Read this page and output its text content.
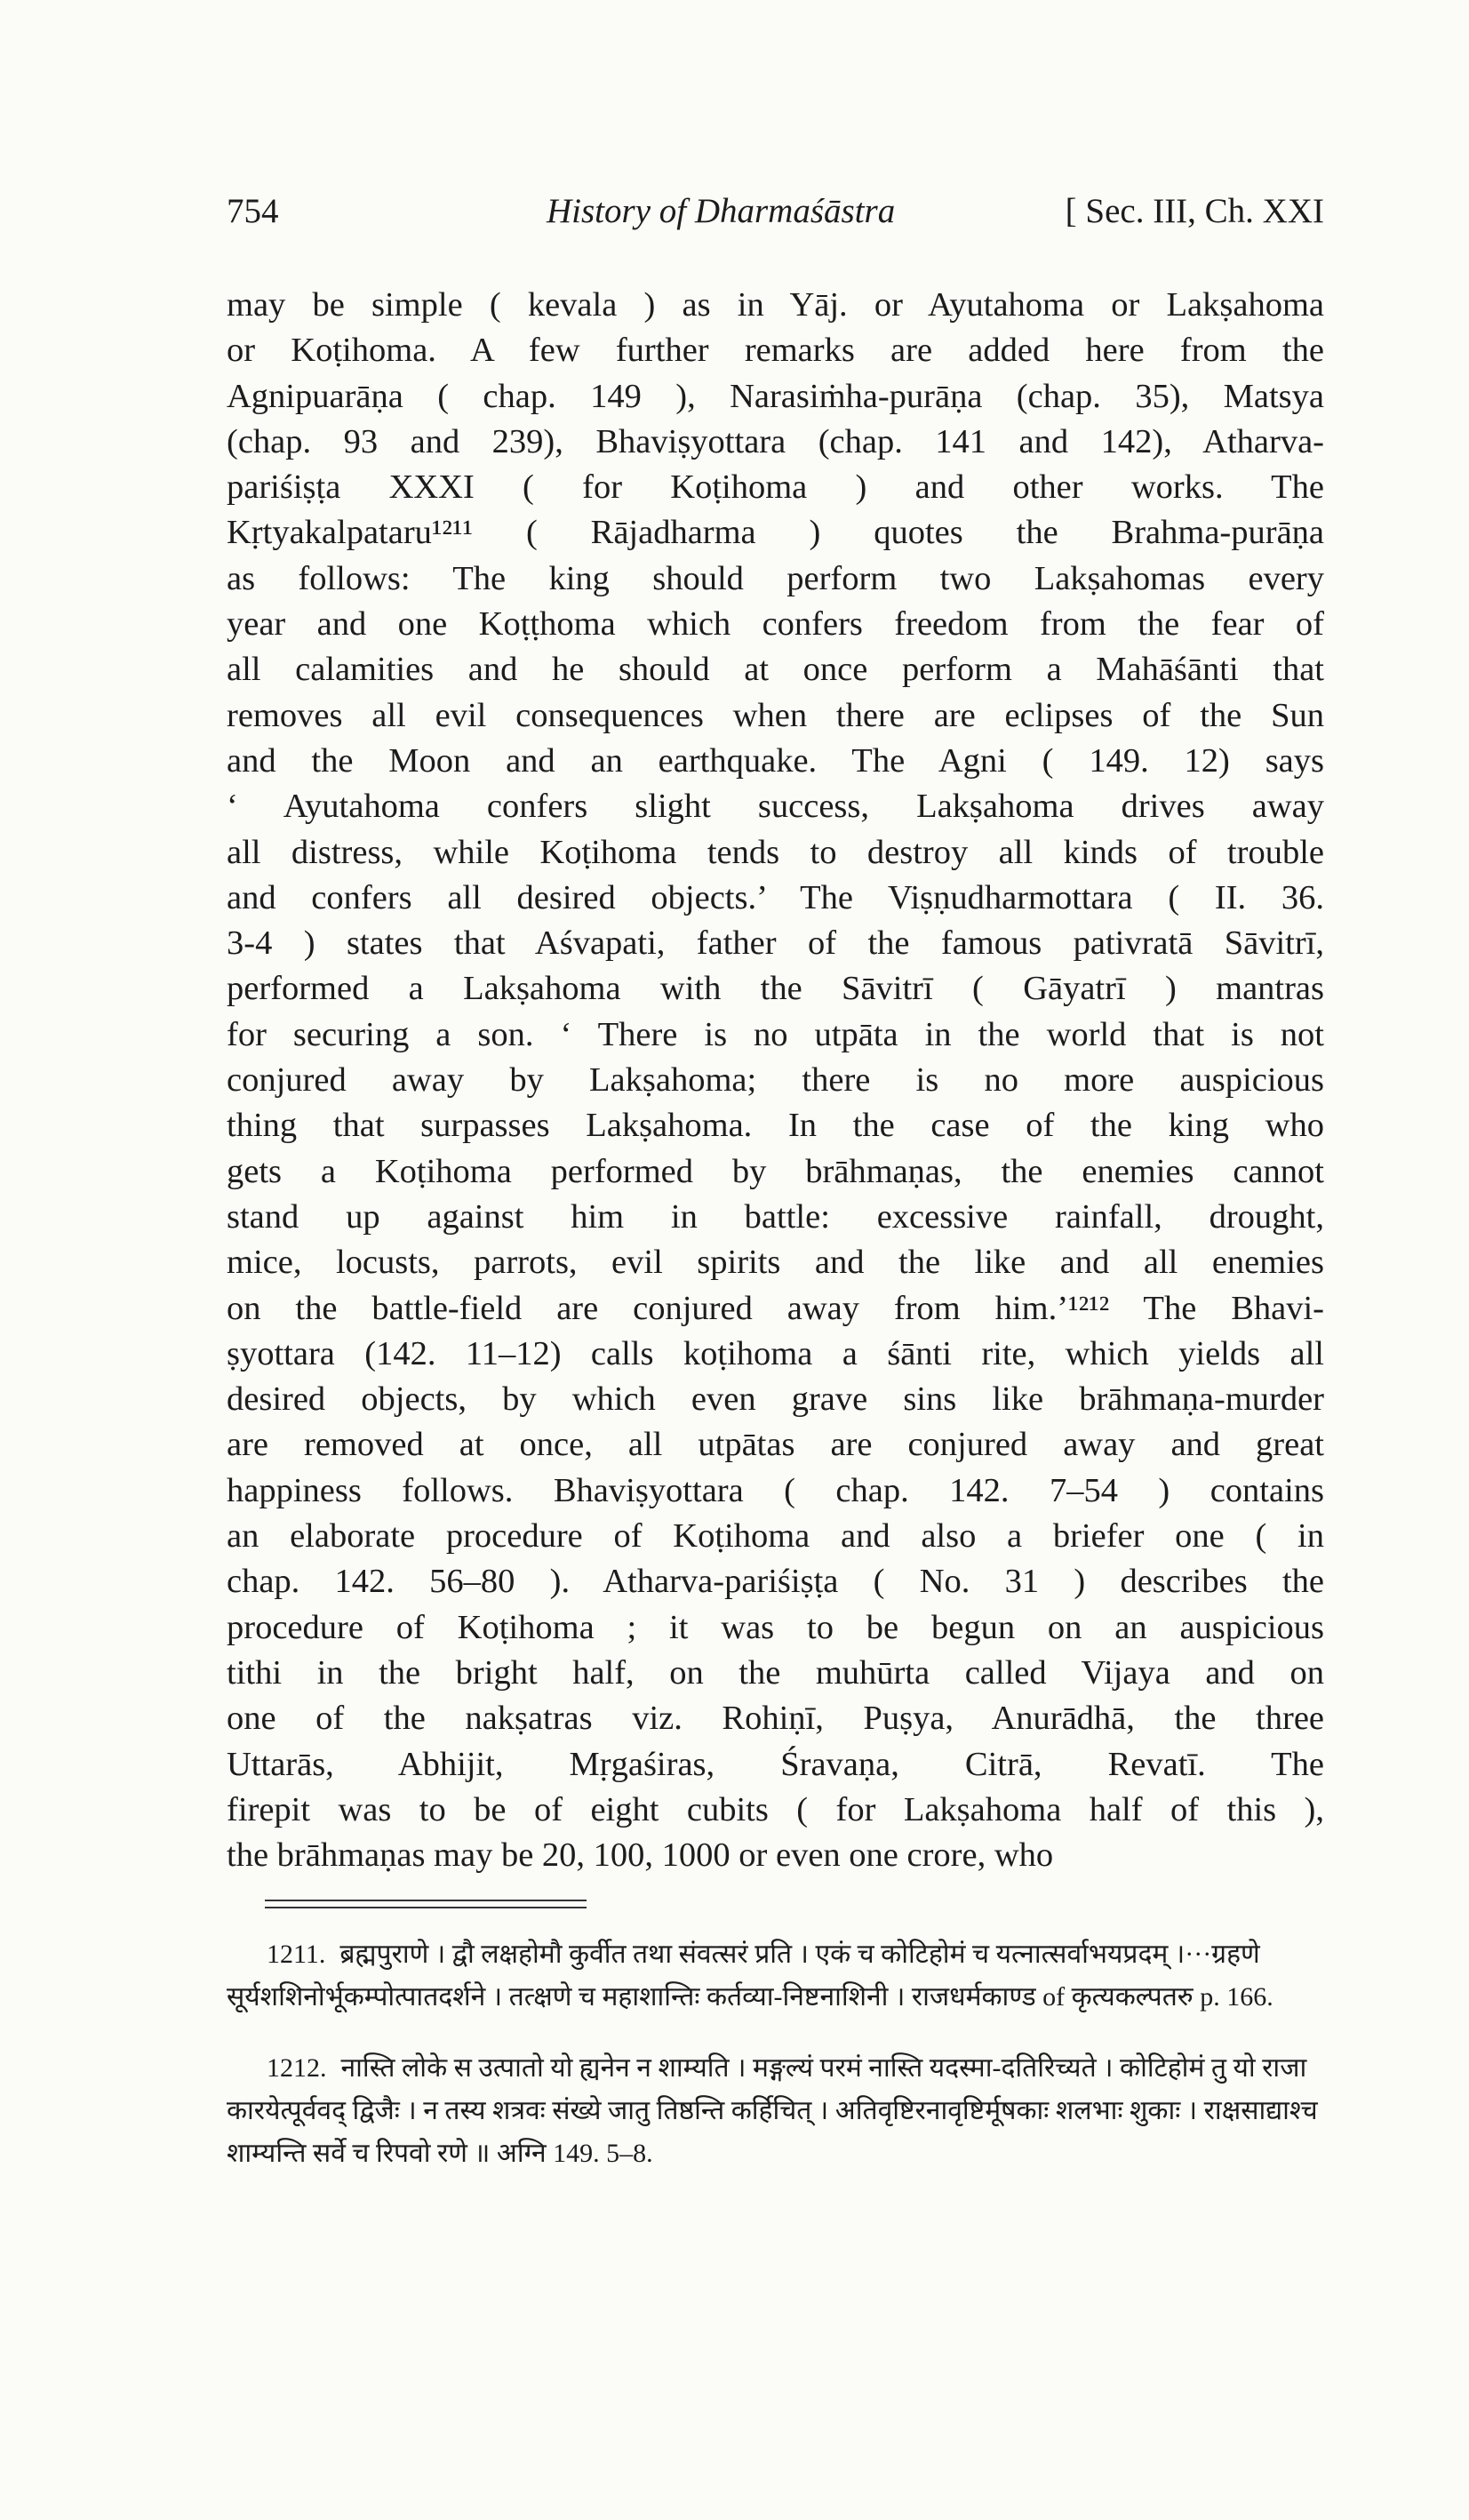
754	History of Dharmaśāstra	[ Sec. III, Ch. XXI
may be simple ( kevala ) as in Yāj. or Ayutahoma or Lakṣahoma
or Koṭihoma. A few further remarks are added here from the
Agnipuarāṇa ( chap. 149 ), Narasiṁha-purāṇa (chap. 35), Matsya
(chap. 93 and 239), Bhaviṣyottara (chap. 141 and 142), Atharva-
pariśiṣṭa XXXI ( for Koṭihoma ) and other works. The
Kṛtyakalpataru¹²¹¹ ( Rājadharma ) quotes the Brahma-purāṇa
as follows: The king should perform two Lakṣahomas every
year and one Koṭṭhoma which confers freedom from the fear of
all calamities and he should at once perform a Mahāśānti that
removes all evil consequences when there are eclipses of the Sun
and the Moon and an earthquake. The Agni ( 149. 12) says
‘ Ayutahoma confers slight success, Lakṣahoma drives away
all distress, while Koṭihoma tends to destroy all kinds of trouble
and confers all desired objects.’ The Viṣṇudharmottara ( II. 36.
3-4 ) states that Aśvapati, father of the famous pativratā Sāvitrī,
performed a Lakṣahoma with the Sāvitrī ( Gāyatrī ) mantras
for securing a son. ‘ There is no utpāta in the world that is not
conjured away by Lakṣahoma; there is no more auspicious
thing that surpasses Lakṣahoma. In the case of the king who
gets a Koṭihoma performed by brāhmaṇas, the enemies cannot
stand up against him in battle: excessive rainfall, drought,
mice, locusts, parrots, evil spirits and the like and all enemies
on the battle-field are conjured away from him.’¹²¹² The Bhavi-
ṣyottara (142. 11–12) calls koṭihoma a śānti rite, which yields all
desired objects, by which even grave sins like brāhmaṇa-murder
are removed at once, all utpātas are conjured away and great
happiness follows. Bhaviṣyottara ( chap. 142. 7–54 ) contains
an elaborate procedure of Koṭihoma and also a briefer one ( in
chap. 142. 56–80 ). Atharva-pariśiṣṭa ( No. 31 ) describes the
procedure of Koṭihoma ; it was to be begun on an auspicious
tithi in the bright half, on the muhūrta called Vijaya and on
one of the nakṣatras viz. Rohiṇī, Puṣya, Anurādhā, the three
Uttarās, Abhijit, Mṛgaśiras, Śravaṇa, Citrā, Revatī. The
firepit was to be of eight cubits ( for Lakṣahoma half of this ),
the brāhmaṇas may be 20, 100, 1000 or even one crore, who
1211. ब्रह्मपुराणे । द्वौ लक्षहोमौ कुर्वीत तथा संवत्सरं प्रति । एकं च कोटिहोमं च यत्नात्सर्वाभयप्रदम् ।···ग्रहणे सूर्यशशिनोर्भूकम्पोत्पातदर्शने । तत्क्षणे च महाशान्तिः कर्तव्या-निष्टनाशिनी । राजधर्मकाण्ड of कृत्यकल्पतरु p. 166.
1212. नास्ति लोके स उत्पातो यो ह्यनेन न शाम्यति । मङ्गल्यं परमं नास्ति यदस्मा-दतिरिच्यते । कोटिहोमं तु यो राजा कारयेत्पूर्ववद् द्विजैः । न तस्य शत्रवः संख्ये जातु तिष्ठन्ति कर्हिचित् । अतिवृष्टिरनावृष्टिर्मूषकाः शलभाः शुकाः । राक्षसाद्याश्च शाम्यन्ति सर्वे च रिपवो रणे ॥ अग्नि 149. 5–8.
